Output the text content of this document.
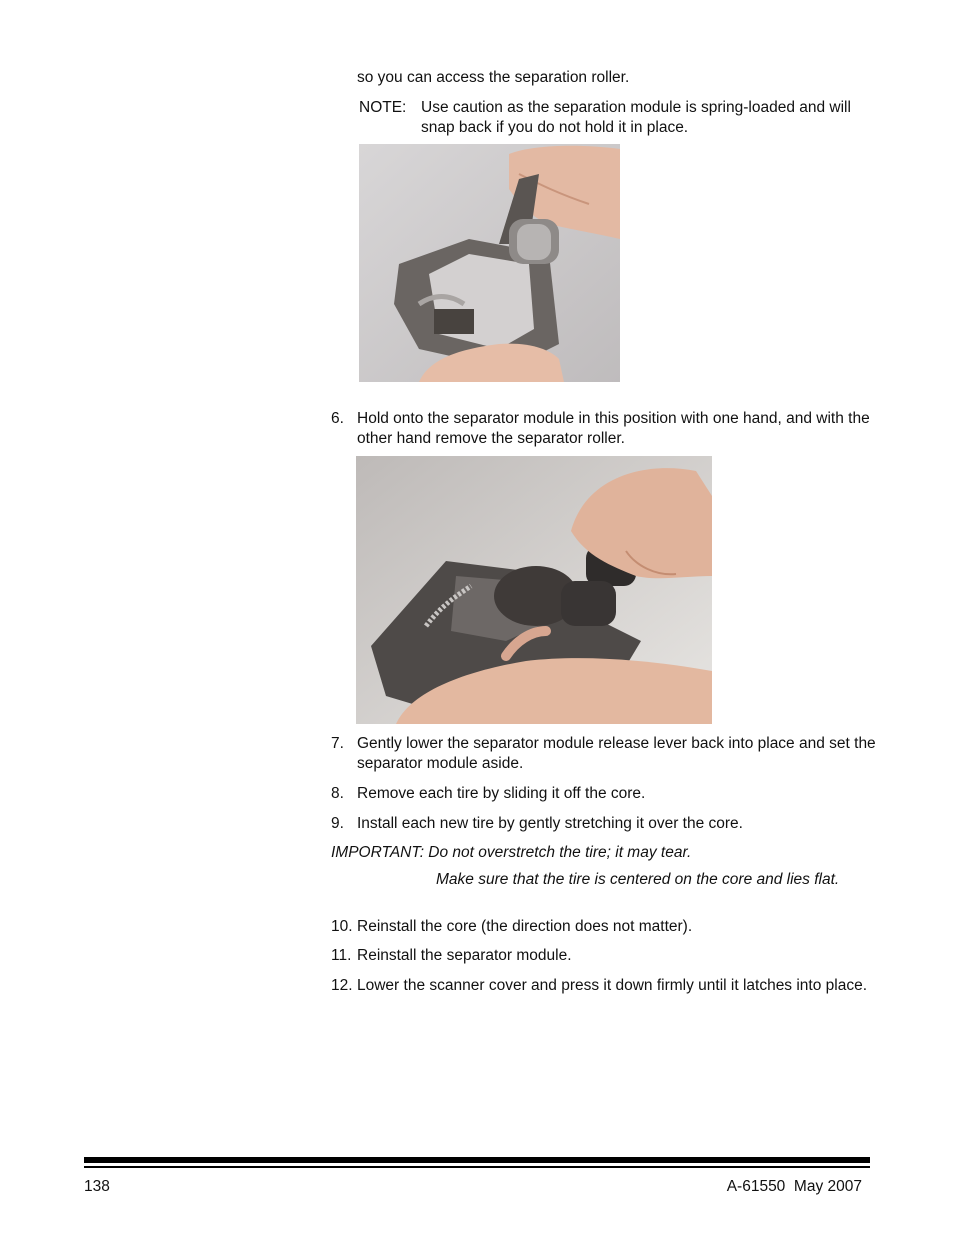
so you can access the separation roller.
NOTE: Use caution as the separation module is spring-loaded and will snap back if you do not hold it in place.
6. Hold onto the separator module in this position with one hand, and with the other hand remove the separator roller.
7. Gently lower the separator module release lever back into place and set the separator module aside.
8. Remove each tire by sliding it off the core.
9. Install each new tire by gently stretching it over the core.
IMPORTANT: Do not overstretch the tire; it may tear.
Make sure that the tire is centered on the core and lies flat.
10. Reinstall the core (the direction does not matter).
11. Reinstall the separator module.
12. Lower the scanner cover and press it down firmly until it latches into place.
138	A-61550  May 2007
